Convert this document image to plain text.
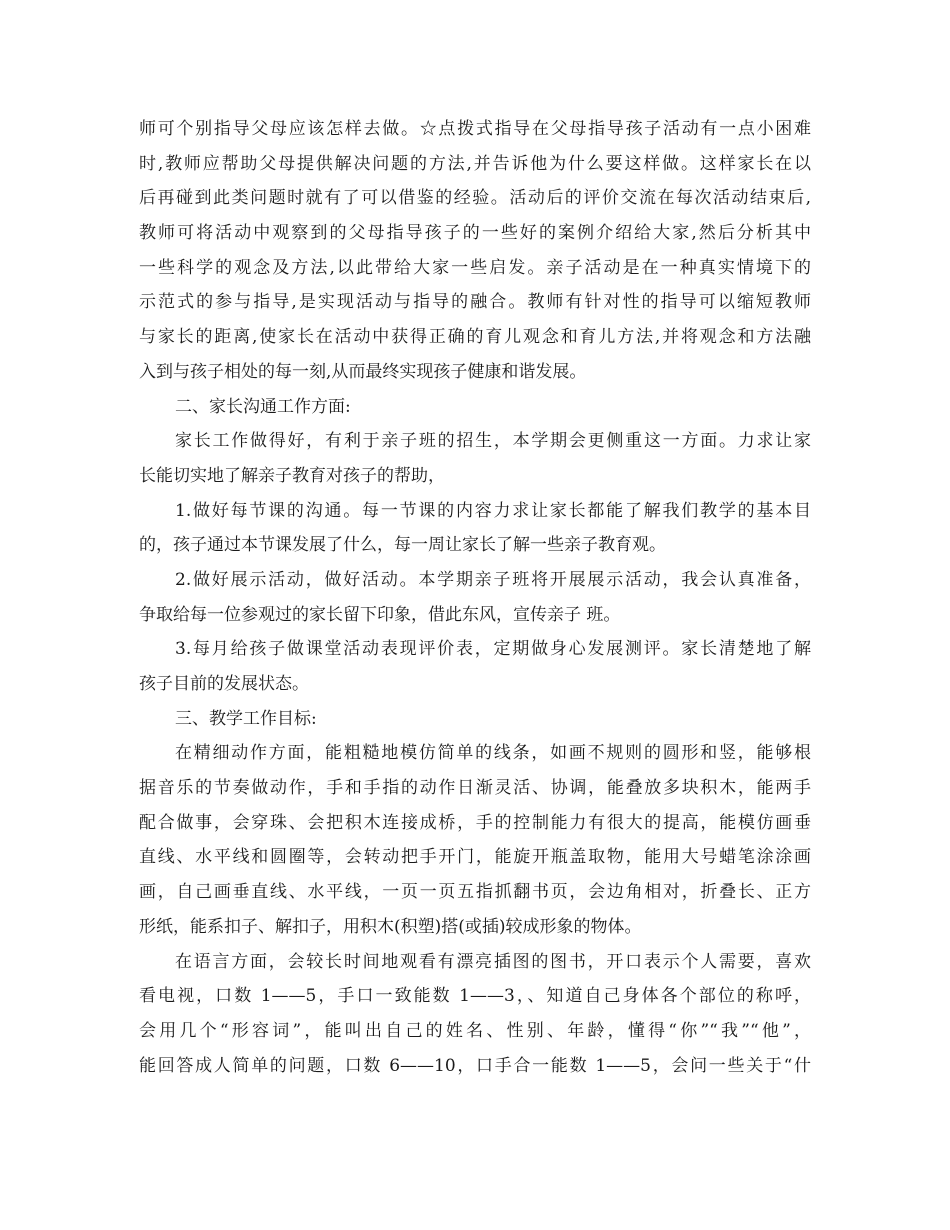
师可个别指导父母应该怎样去做。☆点拨式指导在父母指导孩子活动有一点小困难
时,教师应帮助父母提供解决问题的方法,并告诉他为什么要这样做。这样家长在以
后再碰到此类问题时就有了可以借鉴的经验。活动后的评价交流在每次活动结束后,
教师可将活动中观察到的父母指导孩子的一些好的案例介绍给大家,然后分析其中
一些科学的观念及方法,以此带给大家一些启发。亲子活动是在一种真实情境下的
示范式的参与指导,是实现活动与指导的融合。教师有针对性的指导可以缩短教师
与家长的距离,使家长在活动中获得正确的育儿观念和育儿方法,并将观念和方法融
入到与孩子相处的每一刻,从而最终实现孩子健康和谐发展。
二、家长沟通工作方面:
家长工作做得好，有利于亲子班的招生，本学期会更侧重这一方面。力求让家
长能切实地了解亲子教育对孩子的帮助，
1.做好每节课的沟通。每一节课的内容力求让家长都能了解我们教学的基本目
的，孩子通过本节课发展了什么，每一周让家长了解一些亲子教育观。
2.做好展示活动，做好活动。本学期亲子班将开展展示活动，我会认真准备，
争取给每一位参观过的家长留下印象，借此东风，宣传亲子 班。
3.每月给孩子做课堂活动表现评价表，定期做身心发展测评。家长清楚地了解
孩子目前的发展状态。
三、教学工作目标:
在精细动作方面，能粗糙地模仿简单的线条，如画不规则的圆形和竖，能够根
据音乐的节奏做动作，手和手指的动作日渐灵活、协调，能叠放多块积木，能两手
配合做事，会穿珠、会把积木连接成桥，手的控制能力有很大的提高，能模仿画垂
直线、水平线和圆圈等，会转动把手开门，能旋开瓶盖取物，能用大号蜡笔涂涂画
画，自己画垂直线、水平线，一页一页五指抓翻书页，会边角相对，折叠长、正方
形纸，能系扣子、解扣子，用积木(积塑)搭(或插)较成形象的物体。
在语言方面，会较长时间地观看有漂亮插图的图书，开口表示个人需要，喜欢
看电视，口数 1——5，手口一致能数 1——3，、知道自己身体各个部位的称呼，
会用几个“形容词”，能叫出自己的姓名、性别、年龄，懂得“你”“我”“他”，
能回答成人简单的问题，口数 6——10，口手合一能数 1——5，会问一些关于“什
